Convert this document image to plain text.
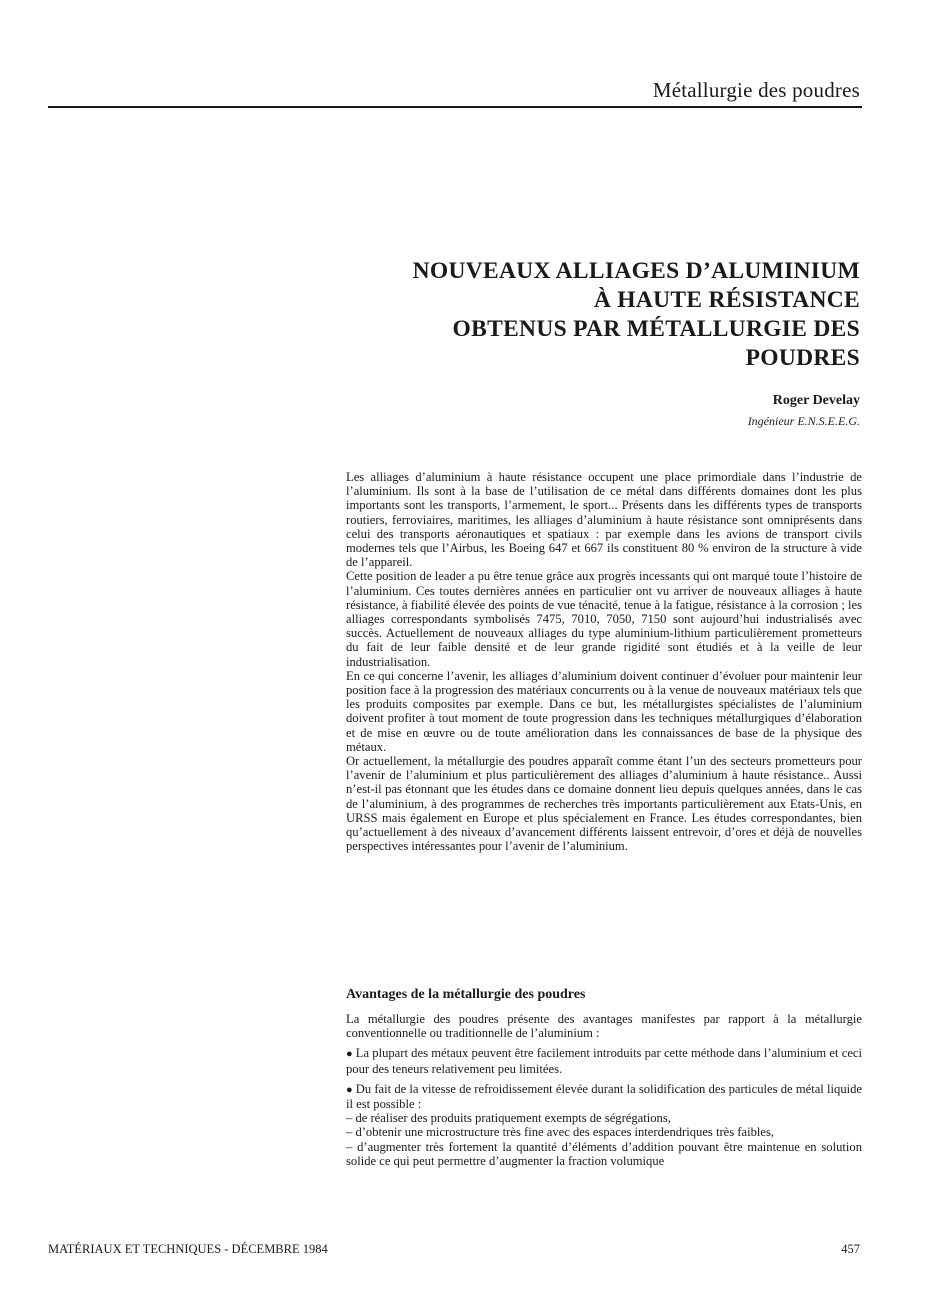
Métallurgie des poudres
NOUVEAUX ALLIAGES D’ALUMINIUM
À HAUTE RÉSISTANCE
OBTENUS PAR MÉTALLURGIE DES
POUDRES
Roger Develay
Ingénieur E.N.S.E.E.G.

Les alliages d’aluminium à haute résistance occupent une place primordiale dans l’industrie de l’aluminium. Ils sont à la base de l’utilisation de ce métal dans différents domaines dont les plus importants sont les transports, l’armement, le sport... Présents dans les différents types de transports routiers, ferroviaires, maritimes, les alliages d’aluminium à haute résistance sont omniprésents dans celui des transports aéronautiques et spatiaux : par exemple dans les avions de transport civils modernes tels que l’Airbus, les Boeing 647 et 667 ils constituent 80 % environ de la structure à vide de l’appareil.

Cette position de leader a pu être tenue grâce aux progrès incessants qui ont marqué toute l’histoire de l’aluminium. Ces toutes dernières années en particulier ont vu arriver de nouveaux alliages à haute résistance, à fiabilité élevée des points de vue ténacité, tenue à la fatigue, résistance à la corrosion ; les alliages correspondants symbolisés 7475, 7010, 7050, 7150 sont aujourd’hui industrialisés avec succès. Actuellement de nouveaux alliages du type aluminium-lithium particulièrement prometteurs du fait de leur faible densité et de leur grande rigidité sont étudiés et à la veille de leur industrialisation.

En ce qui concerne l’avenir, les alliages d’aluminium doivent continuer d’évoluer pour maintenir leur position face à la progression des matériaux concurrents ou à la venue de nouveaux matériaux tels que les produits composites par exemple. Dans ce but, les métallurgistes spécialistes de l’aluminium doivent profiter à tout moment de toute progression dans les techniques métallurgiques d’élaboration et de mise en œuvre ou de toute amélioration dans les connaissances de base de la physique des métaux.

Or actuellement, la métallurgie des poudres apparaît comme étant l’un des secteurs prometteurs pour l’avenir de l’aluminium et plus particulièrement des alliages d’aluminium à haute résistance.. Aussi n’est-il pas étonnant que les études dans ce domaine donnent lieu depuis quelques années, dans le cas de l’aluminium, à des programmes de recherches très importants particulièrement aux Etats-Unis, en URSS mais également en Europe et plus spécialement en France. Les études correspondantes, bien qu’actuellement à des niveaux d’avancement différents laissent entrevoir, d’ores et déjà de nouvelles perspectives intéressantes pour l’avenir de l’aluminium.

Avantages de la métallurgie des poudres

La métallurgie des poudres présente des avantages manifestes par rapport à la métallurgie conventionnelle ou traditionnelle de l’aluminium :

● La plupart des métaux peuvent être facilement introduits par cette méthode dans l’aluminium et ceci pour des teneurs relativement peu limitées.

● Du fait de la vitesse de refroidissement élevée durant la solidification des particules de métal liquide il est possible :

– de réaliser des produits pratiquement exempts de ségrégations,

– d’obtenir une microstructure très fine avec des espaces interdendriques très faibles,

– d’augmenter très fortement la quantité d’éléments d’addition pouvant être maintenue en solution solide ce qui peut permettre d’augmenter la fraction volumique

MATÉRIAUX ET TECHNIQUES - DÉCEMBRE 1984	457
